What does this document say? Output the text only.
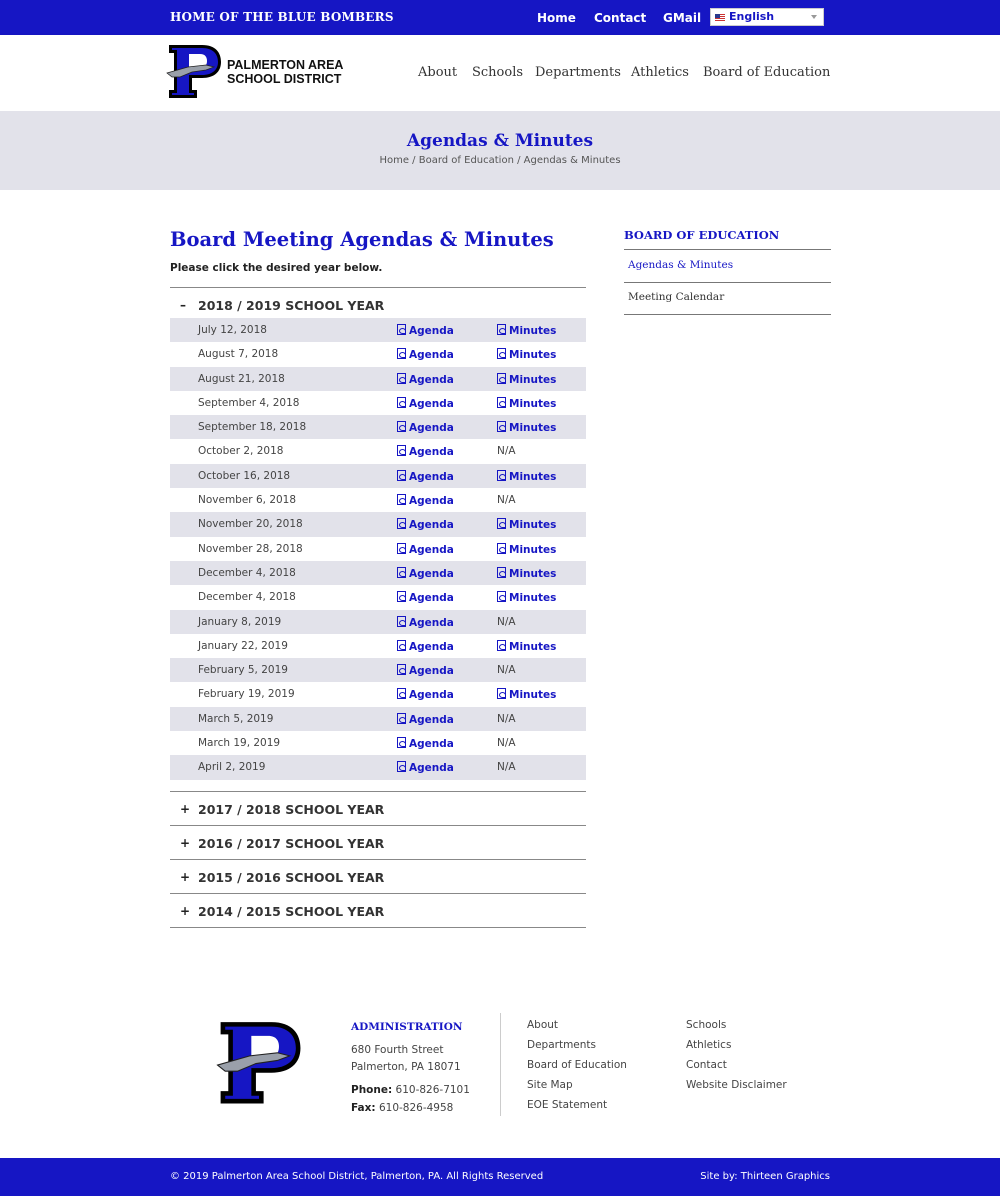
HOME OF THE BLUE BOMBERS	Home Contact GMail	English
PALMERTON AREA
SCHOOL DISTRICT	About Schools Departments Athletics Board of Education
Agendas & Minutes
Home / Board of Education / Agendas & Minutes
Board Meeting Agendas & Minutes
Please click the desired year below.
– 2018 / 2019 SCHOOL YEAR
July 12, 2018	Agenda	Minutes
August 7, 2018	Agenda	Minutes
August 21, 2018	Agenda	Minutes
September 4, 2018	Agenda	Minutes
September 18, 2018	Agenda	Minutes
October 2, 2018	Agenda	N/A
October 16, 2018	Agenda	Minutes
November 6, 2018	Agenda	N/A
November 20, 2018	Agenda	Minutes
November 28, 2018	Agenda	Minutes
December 4, 2018	Agenda	Minutes
December 4, 2018	Agenda	Minutes
January 8, 2019	Agenda	N/A
January 22, 2019	Agenda	Minutes
February 5, 2019	Agenda	N/A
February 19, 2019	Agenda	Minutes
March 5, 2019	Agenda	N/A
March 19, 2019	Agenda	N/A
April 2, 2019	Agenda	N/A
+ 2017 / 2018 SCHOOL YEAR
+ 2016 / 2017 SCHOOL YEAR
+ 2015 / 2016 SCHOOL YEAR
+ 2014 / 2015 SCHOOL YEAR
BOARD OF EDUCATION
Agendas & Minutes
Meeting Calendar
ADMINISTRATION
680 Fourth Street
Palmerton, PA 18071
Phone: 610-826-7101
Fax: 610-826-4958
About
Departments
Board of Education
Site Map
EOE Statement
Schools
Athletics
Contact
Website Disclaimer
© 2019 Palmerton Area School District, Palmerton, PA. All Rights Reserved	Site by: Thirteen Graphics
